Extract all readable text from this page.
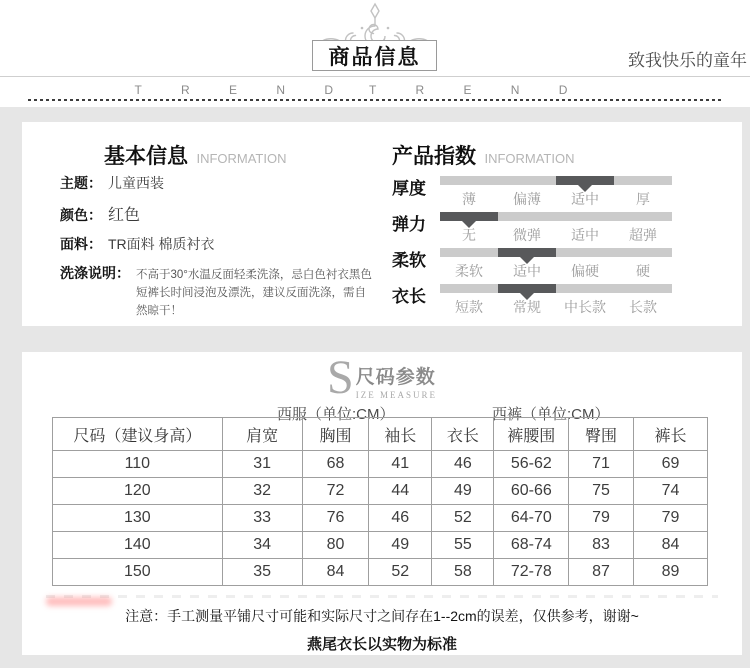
商品信息	致我快乐的童年
T R E N D T R E N D
基本信息 INFORMATION
主题： 儿童西装
颜色： 红色
面料： TR面料 棉质衬衣
洗涤说明： 不高于30°水温反面轻柔洗涤，忌白色衬衣黑色短裤长时间浸泡及漂洗，建议反面洗涤，需自然晾干！
产品指数 INFORMATION
厚度
薄	偏薄	适中	厚
弹力
无	微弹	适中	超弹
柔软
柔软	适中	偏硬	硬
衣长
短款	常规	中长款	长款
S 尺码参数
IZE MEASURE
西服（单位:CM）	西裤（单位:CM）
尺码（建议身高）	肩宽	胸围	袖长	衣长	裤腰围	臀围	裤长
110	31	68	41	46	56-62	71	69
120	32	72	44	49	60-66	75	74
130	33	76	46	52	64-70	79	79
140	34	80	49	55	68-74	83	84
150	35	84	52	58	72-78	87	89
注意：手工测量平铺尺寸可能和实际尺寸之间存在1--2cm的误差，仅供参考，谢谢~
燕尾衣长以实物为标准
